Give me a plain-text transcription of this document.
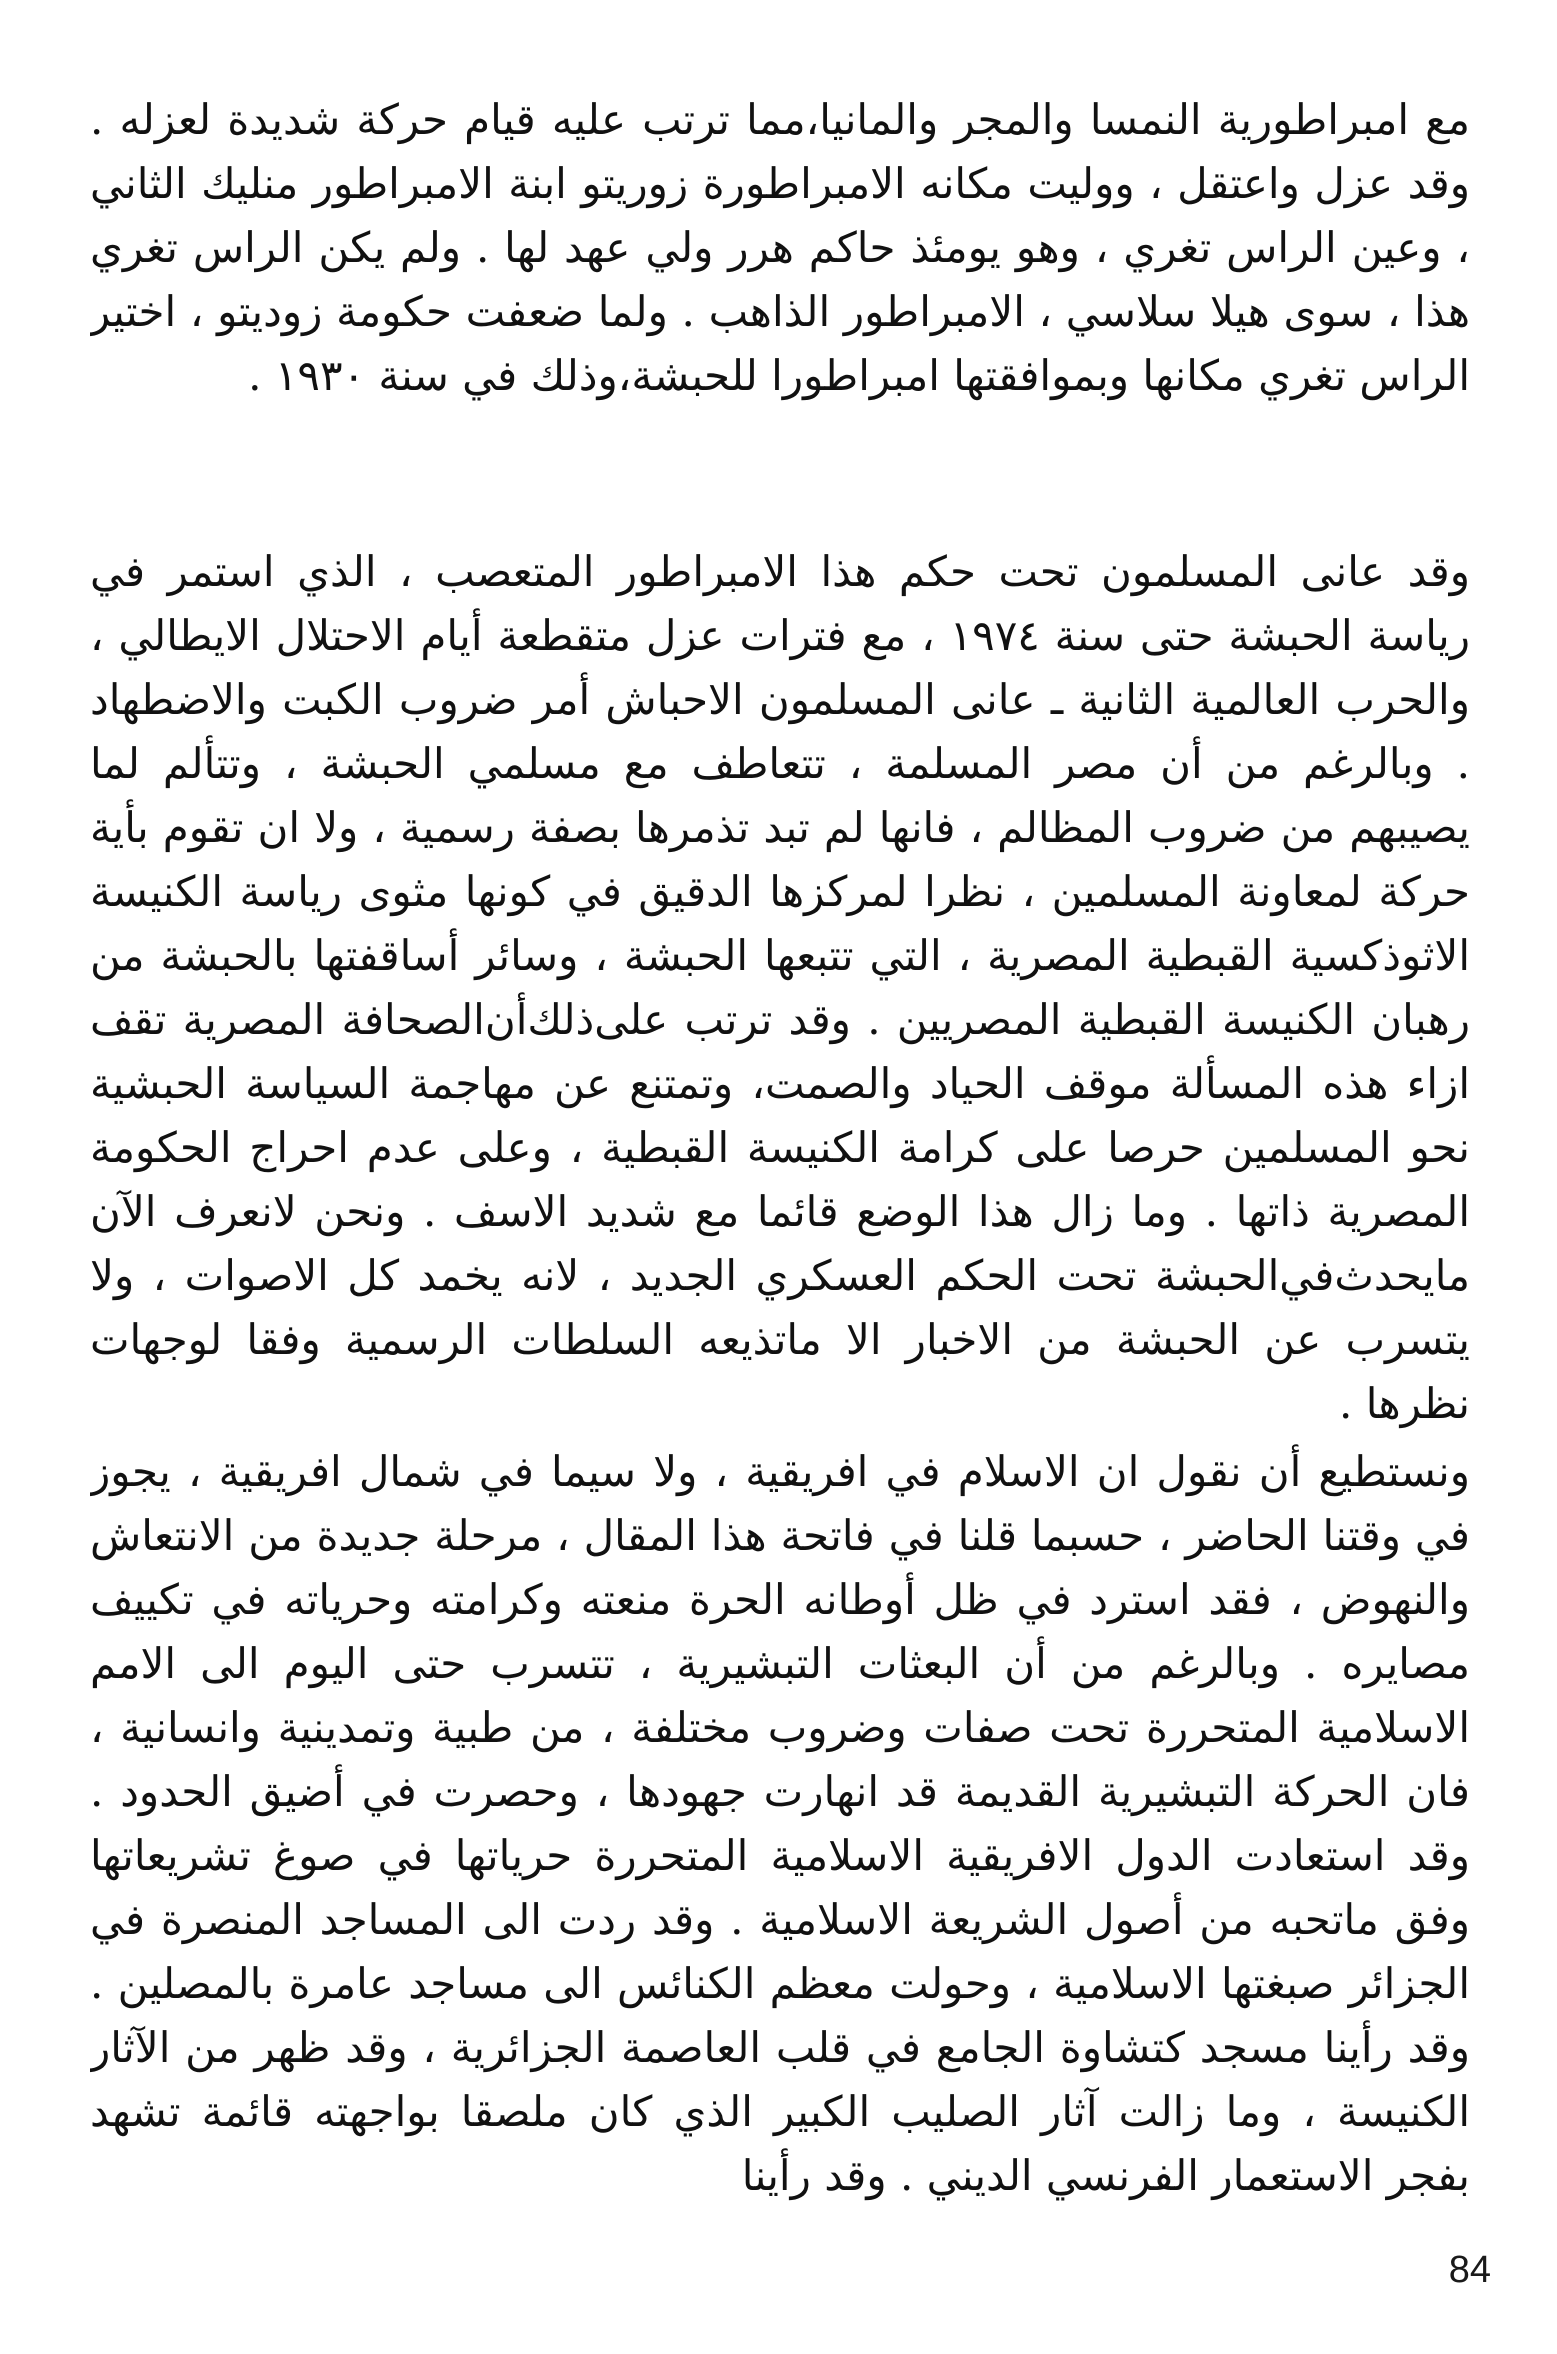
مع امبراطورية النمسا والمجر والمانيا،مما ترتب عليه قيام حركة شديدة لعزله . وقد عزل واعتقل ، ووليت مكانه الامبراطورة زوريتو ابنة الامبراطور منليك الثاني ، وعين الراس تغري ، وهو يومئذ حاكم هرر ولي عهد لها . ولم يكن الراس تغري هذا ، سوى هيلا سلاسي ، الامبراطور الذاهب . ولما ضعفت حكومة زوديتو ، اختير الراس تغري مكانها وبموافقتها امبراطورا للحبشة،وذلك في سنة ١٩٣٠ .

وقد عانى المسلمون تحت حكم هذا الامبراطور المتعصب ، الذي استمر في رياسة الحبشة حتى سنة ١٩٧٤ ، مع فترات عزل متقطعة أيام الاحتلال الايطالي ، والحرب العالمية الثانية ـ عانى المسلمون الاحباش أمر ضروب الكبت والاضطهاد . وبالرغم من أن مصر المسلمة ، تتعاطف مع مسلمي الحبشة ، وتتألم لما يصيبهم من ضروب المظالم ، فانها لم تبد تذمرها بصفة رسمية ، ولا ان تقوم بأية حركة لمعاونة المسلمين ، نظرا لمركزها الدقيق في كونها مثوى رياسة الكنيسة الاثوذكسية القبطية المصرية ، التي تتبعها الحبشة ، وسائر أساقفتها بالحبشة من رهبان الكنيسة القبطية المصريين . وقد ترتب على‌ذلك‌أن‌الصحافة المصرية تقف ازاء هذه المسألة موقف الحياد والصمت، وتمتنع عن مهاجمة السياسة الحبشية نحو المسلمين حرصا على كرامة الكنيسة القبطية ، وعلى عدم احراج الحكومة المصرية ذاتها . وما زال هذا الوضع قائما مع شديد الاسف . ونحن لانعرف الآن مايحدث‌في‌الحبشة تحت الحكم العسكري الجديد ، لانه يخمد كل الاصوات ، ولا يتسرب عن الحبشة من الاخبار الا ماتذيعه السلطات الرسمية وفقا لوجهات نظرها .

ونستطيع أن نقول ان الاسلام في افريقية ، ولا سيما في شمال افريقية ، يجوز في وقتنا الحاضر ، حسبما قلنا في فاتحة هذا المقال ، مرحلة جديدة من الانتعاش والنهوض ، فقد استرد في ظل أوطانه الحرة منعته وكرامته وحرياته في تكييف مصايره . وبالرغم من أن البعثات التبشيرية ، تتسرب حتى اليوم الى الامم الاسلامية المتحررة تحت صفات وضروب مختلفة ، من طبية وتمدينية وانسانية ، فان الحركة التبشيرية القديمة قد انهارت جهودها ، وحصرت في أضيق الحدود . وقد استعادت الدول الافريقية الاسلامية المتحررة حرياتها في صوغ تشريعاتها وفق ماتحبه من أصول الشريعة الاسلامية . وقد ردت الى المساجد المنصرة في الجزائر صبغتها الاسلامية ، وحولت معظم الكنائس الى مساجد عامرة بالمصلين . وقد رأينا مسجد كتشاوة الجامع في قلب العاصمة الجزائرية ، وقد ظهر من الآثار الكنيسة ، وما زالت آثار الصليب الكبير الذي كان ملصقا بواجهته قائمة تشهد بفجر الاستعمار الفرنسي الديني . وقد رأينا

84
